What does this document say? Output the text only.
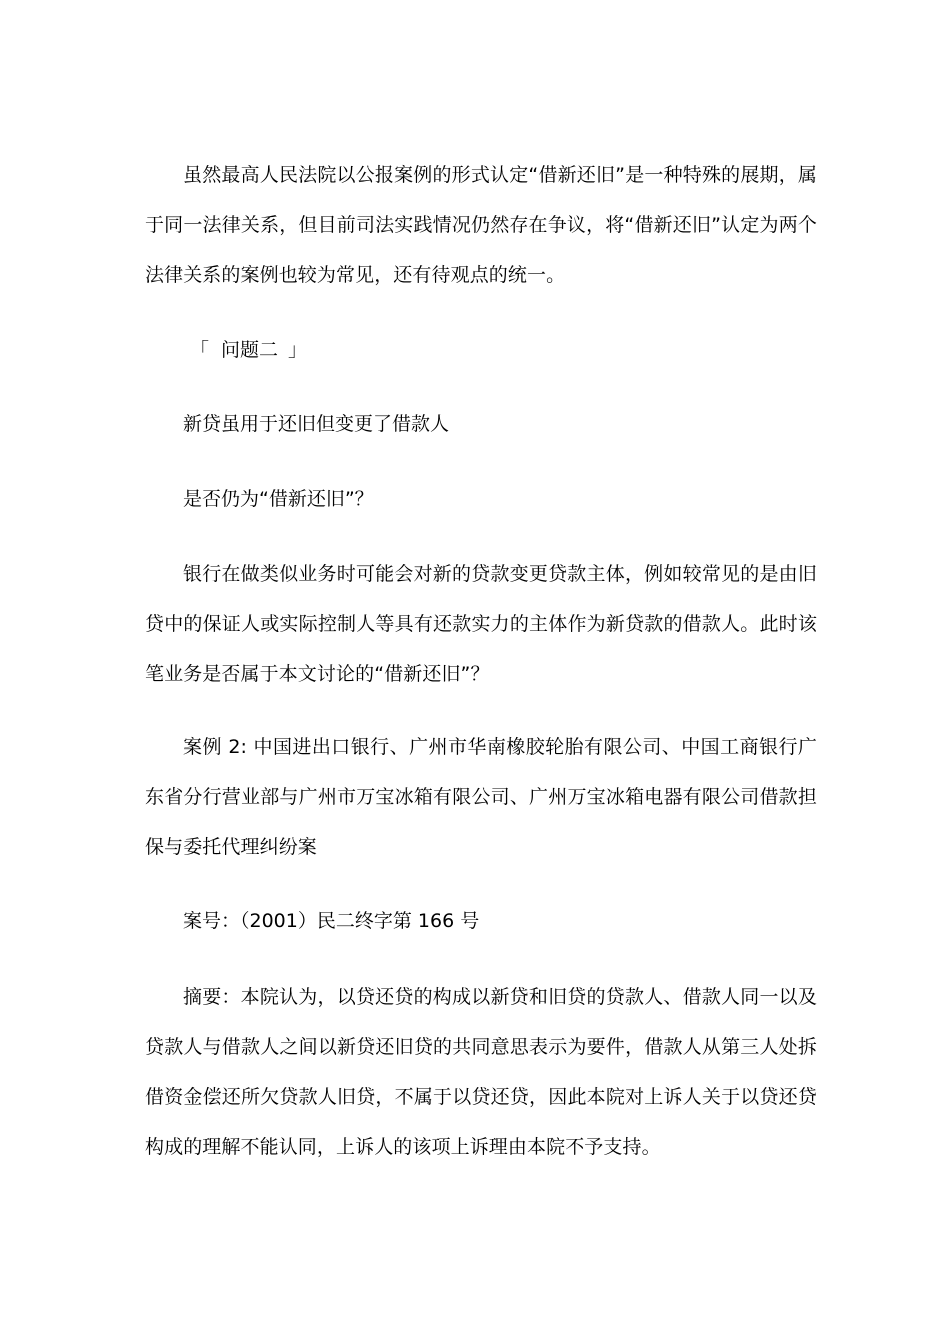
虽然最高人民法院以公报案例的形式认定“借新还旧”是一种特殊的展期，属于同一法律关系，但目前司法实践情况仍然存在争议，将“借新还旧”认定为两个法律关系的案例也较为常见，还有待观点的统一。

「 问题二 」

新贷虽用于还旧但变更了借款人

是否仍为“借新还旧”？

银行在做类似业务时可能会对新的贷款变更贷款主体，例如较常见的是由旧贷中的保证人或实际控制人等具有还款实力的主体作为新贷款的借款人。此时该笔业务是否属于本文讨论的“借新还旧”？

案例 2: 中国进出口银行、广州市华南橡胶轮胎有限公司、中国工商银行广东省分行营业部与广州市万宝冰箱有限公司、广州万宝冰箱电器有限公司借款担保与委托代理纠纷案

案号：（2001）民二终字第 166 号

摘要：本院认为，以贷还贷的构成以新贷和旧贷的贷款人、借款人同一以及贷款人与借款人之间以新贷还旧贷的共同意思表示为要件，借款人从第三人处拆借资金偿还所欠贷款人旧贷，不属于以贷还贷，因此本院对上诉人关于以贷还贷构成的理解不能认同，上诉人的该项上诉理由本院不予支持。
